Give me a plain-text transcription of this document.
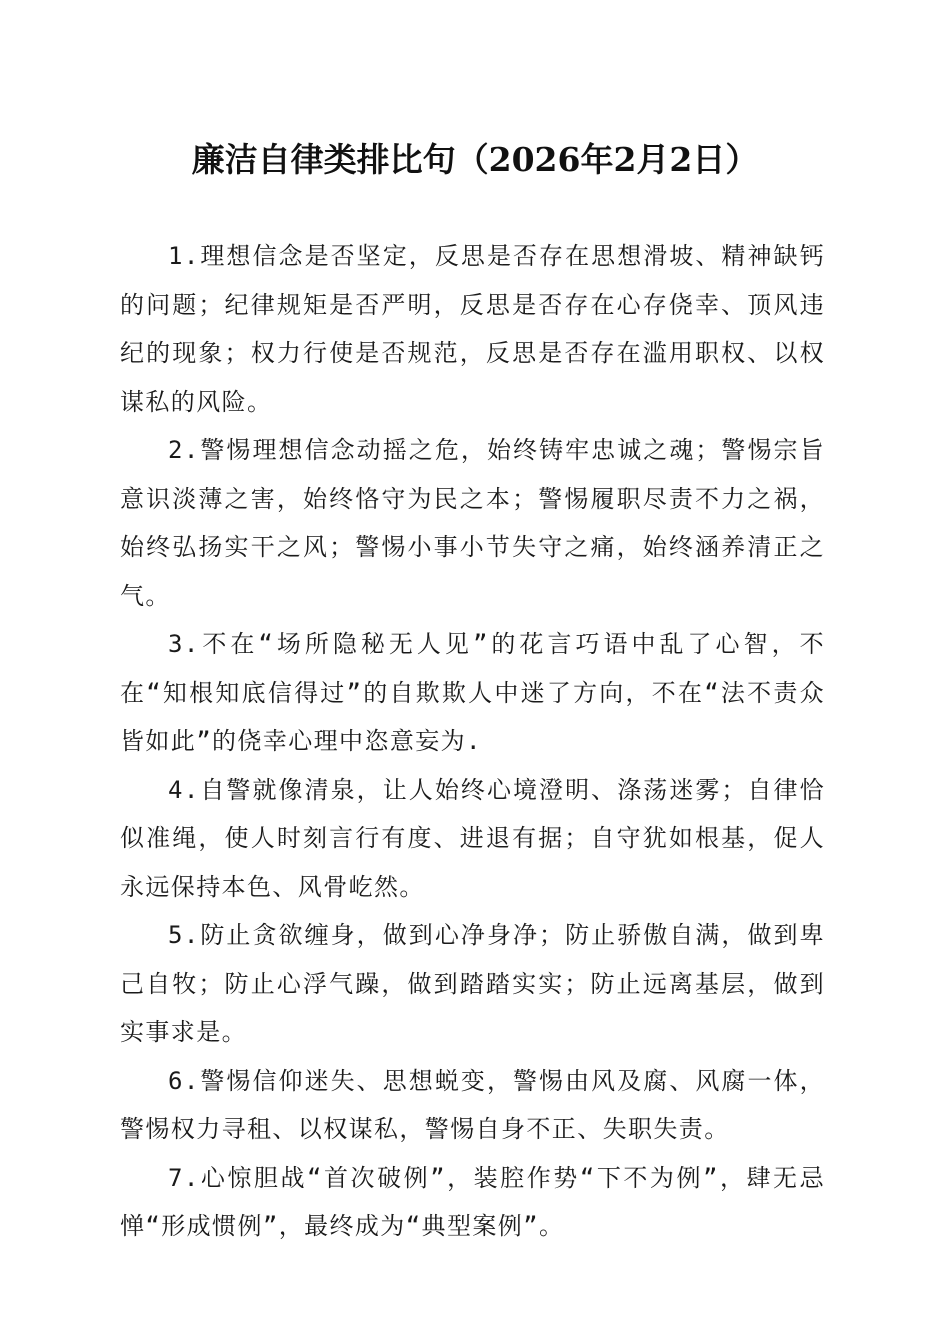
廉洁自律类排比句（2026年2月2日）

1.理想信念是否坚定，反思是否存在思想滑坡、精神缺钙的问题；纪律规矩是否严明，反思是否存在心存侥幸、顶风违纪的现象；权力行使是否规范，反思是否存在滥用职权、以权谋私的风险。

2.警惕理想信念动摇之危，始终铸牢忠诚之魂；警惕宗旨意识淡薄之害，始终恪守为民之本；警惕履职尽责不力之祸，始终弘扬实干之风；警惕小事小节失守之痛，始终涵养清正之气。

3.不在“场所隐秘无人见”的花言巧语中乱了心智，不在“知根知底信得过”的自欺欺人中迷了方向，不在“法不责众皆如此”的侥幸心理中恣意妄为.

4.自警就像清泉，让人始终心境澄明、涤荡迷雾；自律恰似准绳，使人时刻言行有度、进退有据；自守犹如根基，促人永远保持本色、风骨屹然。

5.防止贪欲缠身，做到心净身净；防止骄傲自满，做到卑己自牧；防止心浮气躁，做到踏踏实实；防止远离基层，做到实事求是。

6.警惕信仰迷失、思想蜕变，警惕由风及腐、风腐一体，警惕权力寻租、以权谋私，警惕自身不正、失职失责。

7.心惊胆战“首次破例”，装腔作势“下不为例”，肆无忌惮“形成惯例”，最终成为“典型案例”。
